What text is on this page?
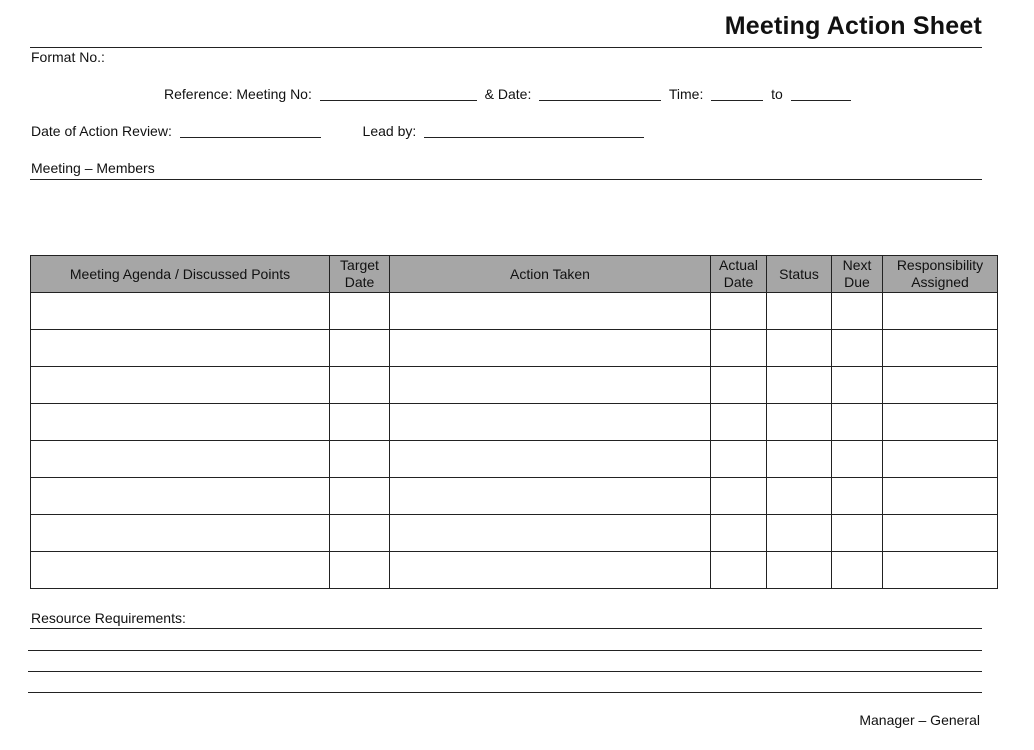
Meeting Action Sheet
Format No.:
Reference: Meeting No:	& Date:	Time:	to
Date of Action Review:	Lead by:
Meeting – Members
Meeting Agenda / Discussed Points	Target Date	Action Taken	Actual Date	Status	Next Due	Responsibility Assigned

Resource Requirements:
Manager – General
